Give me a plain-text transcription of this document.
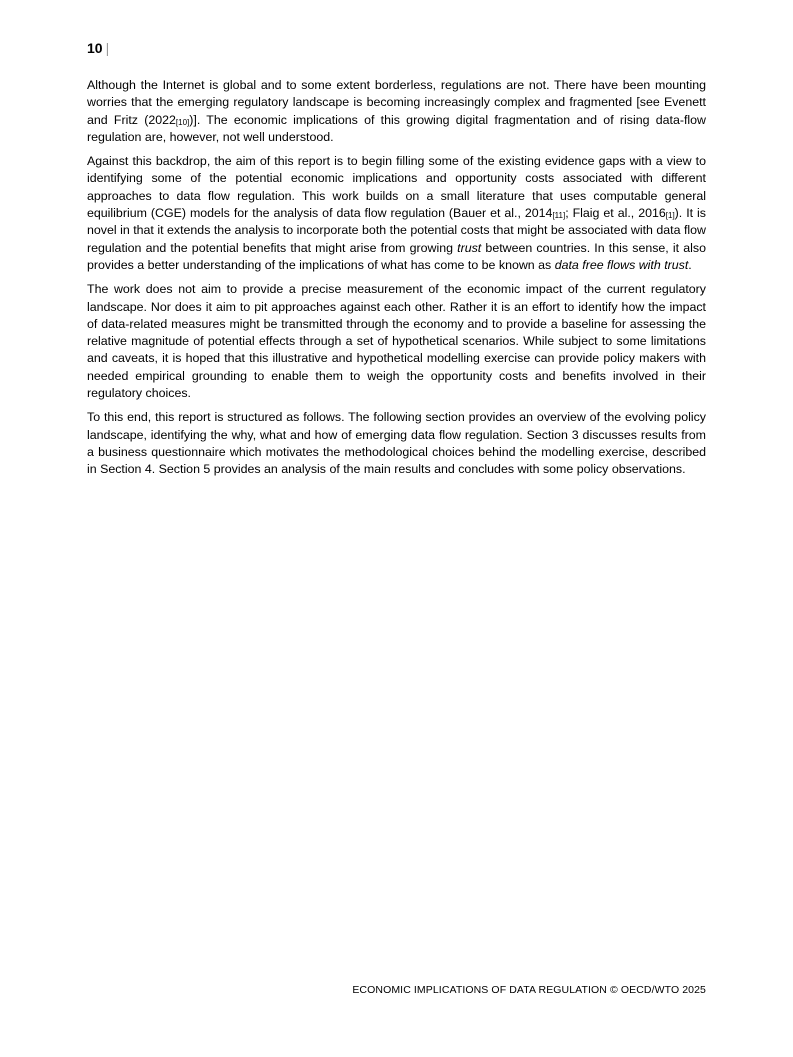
10 |

Although the Internet is global and to some extent borderless, regulations are not. There have been mounting worries that the emerging regulatory landscape is becoming increasingly complex and fragmented [see Evenett and Fritz (2022[10])]. The economic implications of this growing digital fragmentation and of rising data-flow regulation are, however, not well understood.

Against this backdrop, the aim of this report is to begin filling some of the existing evidence gaps with a view to identifying some of the potential economic implications and opportunity costs associated with different approaches to data flow regulation. This work builds on a small literature that uses computable general equilibrium (CGE) models for the analysis of data flow regulation (Bauer et al., 2014[11]; Flaig et al., 2016[1]). It is novel in that it extends the analysis to incorporate both the potential costs that might be associated with data flow regulation and the potential benefits that might arise from growing trust between countries. In this sense, it also provides a better understanding of the implications of what has come to be known as data free flows with trust.

The work does not aim to provide a precise measurement of the economic impact of the current regulatory landscape. Nor does it aim to pit approaches against each other. Rather it is an effort to identify how the impact of data-related measures might be transmitted through the economy and to provide a baseline for assessing the relative magnitude of potential effects through a set of hypothetical scenarios. While subject to some limitations and caveats, it is hoped that this illustrative and hypothetical modelling exercise can provide policy makers with needed empirical grounding to enable them to weigh the opportunity costs and benefits involved in their regulatory choices.

To this end, this report is structured as follows. The following section provides an overview of the evolving policy landscape, identifying the why, what and how of emerging data flow regulation. Section 3 discusses results from a business questionnaire which motivates the methodological choices behind the modelling exercise, described in Section 4. Section 5 provides an analysis of the main results and concludes with some policy observations.

ECONOMIC IMPLICATIONS OF DATA REGULATION © OECD/WTO 2025
